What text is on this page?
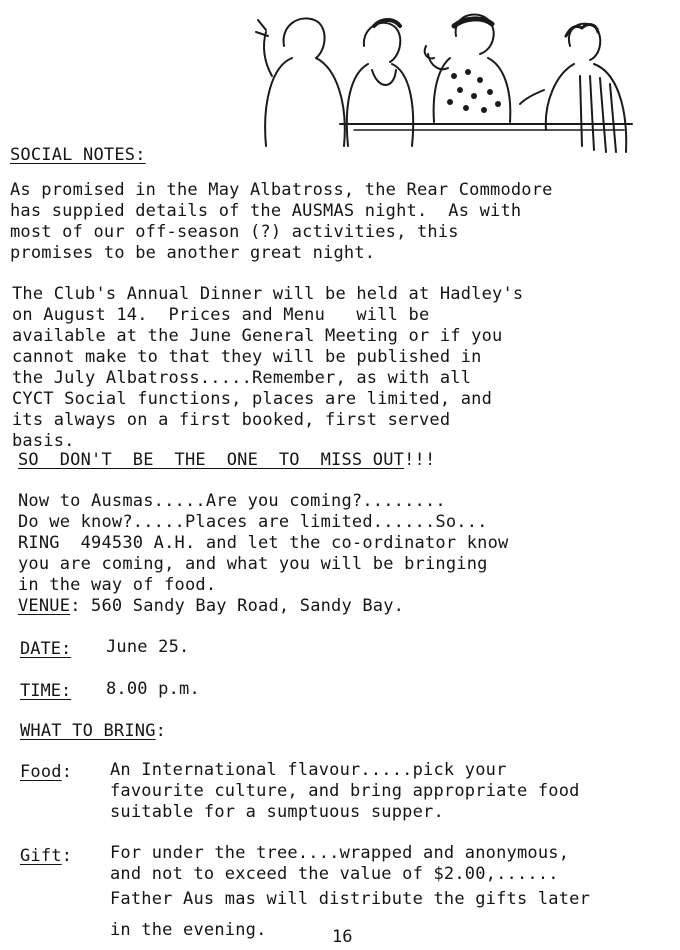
SOCIAL NOTES:
As promised in the May Albatross, the Rear Commodore
has suppied details of the AUSMAS night.  As with
most of our off-season (?) activities, this
promises to be another great night.
The Club's Annual Dinner will be held at Hadley's
on August 14.  Prices and Menu   will be
available at the June General Meeting or if you
cannot make to that they will be published in
the July Albatross.....Remember, as with all
CYCT Social functions, places are limited, and
its always on a first booked, first served
basis.
SO  DON'T  BE  THE  ONE  TO  MISS OUT!!!
Now to Ausmas.....Are you coming?........
Do we know?.....Places are limited......So...
RING  494530 A.H. and let the co-ordinator know
you are coming, and what you will be bringing
in the way of food.
VENUE: 560 Sandy Bay Road, Sandy Bay.
DATE: June 25.
TIME: 8.00 p.m.
WHAT TO BRING:
Food: An International flavour.....pick your
favourite culture, and bring appropriate food
suitable for a sumptuous supper.
Gift: For under the tree....wrapped and anonymous,
and not to exceed the value of $2.00,......
Father Aus mas will distribute the gifts later
in the evening.	16
